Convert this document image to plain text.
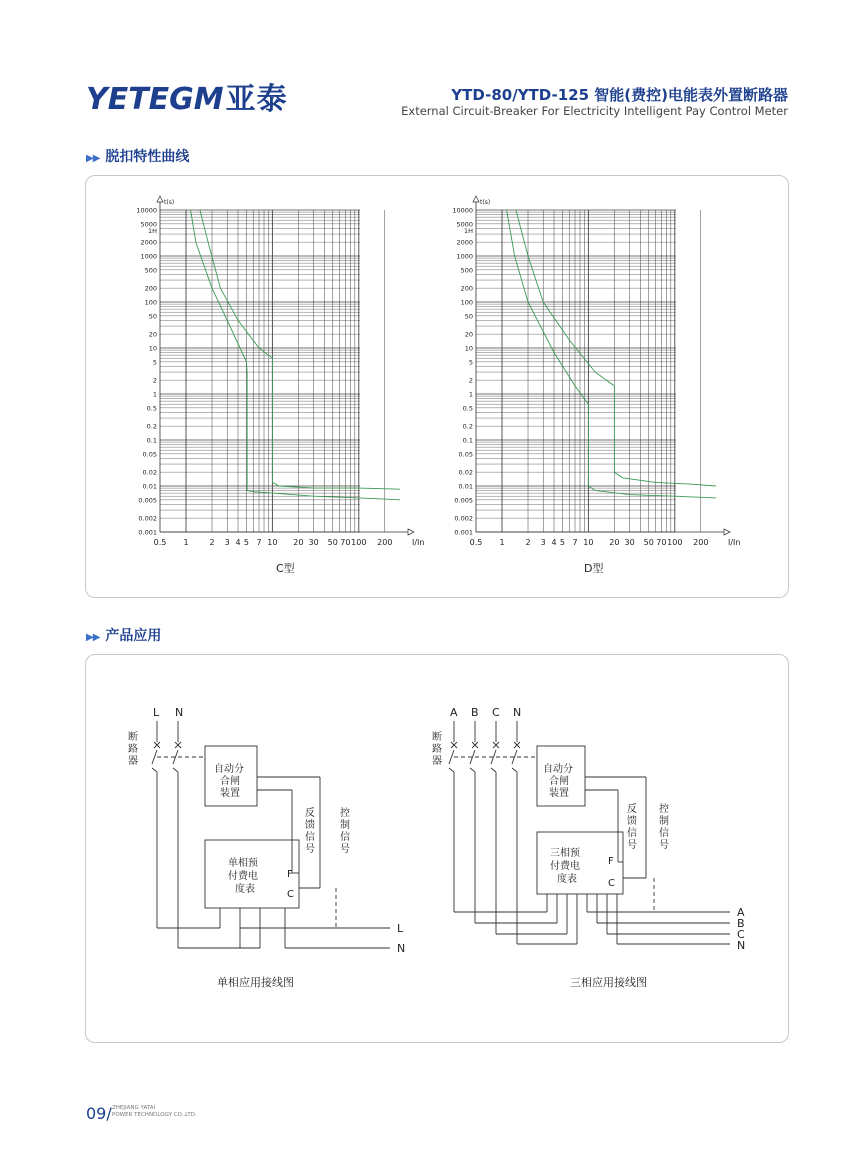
YETEGM亚泰	YTD-80/YTD-125 智能(费控)电能表外置断路器
External Circuit-Breaker For Electricity Intelligent Pay Control Meter
▶▶ 脱扣特性曲线
t(s)
I/In
10000
5000
1H
2000
1000
500
200
100
50
20
10
5
2
1
0.5
0.2
0.1
0.05
0.02
0.01
0.005
0.002
0.001
0.5 1	2 3 4 5 7 10 20 30 50 70 100 200
t(s)
I/In
10000
5000
1H
2000
1000
500
200
100
50
20
10
5
2
1
0.5
0.2
0.1
0.05
0.02
0.01
0.005
0.002
0.001
0.5 1	2 3 4 5 7 10 20 30 50 70 100 200
C型	D型
▶▶ 产品应用
L N
断
路
器
自动分
合闸
装置
反
馈
信
号
控
制
信
号
单相预
付费电
度表
F
C
L
N
单相应用接线图
A B C N
断
路
器
自动分
合闸
装置
反
馈
信
号
控
制
信
号
三相预
付费电
度表
F
C
A
B
C
N
三相应用接线图
09/ ZHEJIANG YATAI
POWER TECHNOLOGY CO.,LTD.
